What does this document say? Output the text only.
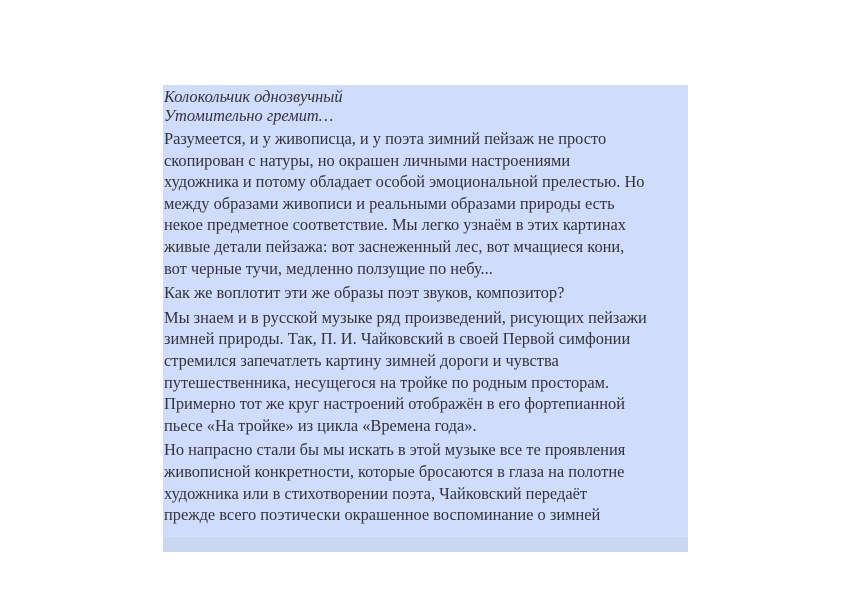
Колокольчик однозвучный
Утомительно гремит…
Разумеется, и у живописца, и у поэта зимний пейзаж не просто
скопирован с натуры, но окрашен личными настроениями
художника и потому обладает особой эмоциональной прелестью. Но
между образами живописи и реальными образами природы есть
некое предметное соответствие. Мы легко узнаём в этих картинах
живые детали пейзажа: вот заснеженный лес, вот мчащиеся кони,
вот черные тучи, медленно ползущие по небу...
Как же воплотит эти же образы поэт звуков, композитор?
Мы знаем и в русской музыке ряд произведений, рисующих пейзажи
зимней природы. Так, П. И. Чайковский в своей Первой симфонии
стремился запечатлеть картину зимней дороги и чувства
путешественника, несущегося на тройке по родным просторам.
Примерно тот же круг настроений отображён в его фортепианной
пьесе «На тройке» из цикла «Времена года».
Но напрасно стали бы мы искать в этой музыке все те проявления
живописной конкретности, которые бросаются в глаза на полотне
художника или в стихотворении поэта, Чайковский передаёт
прежде всего поэтически окрашенное воспоминание о зимней
